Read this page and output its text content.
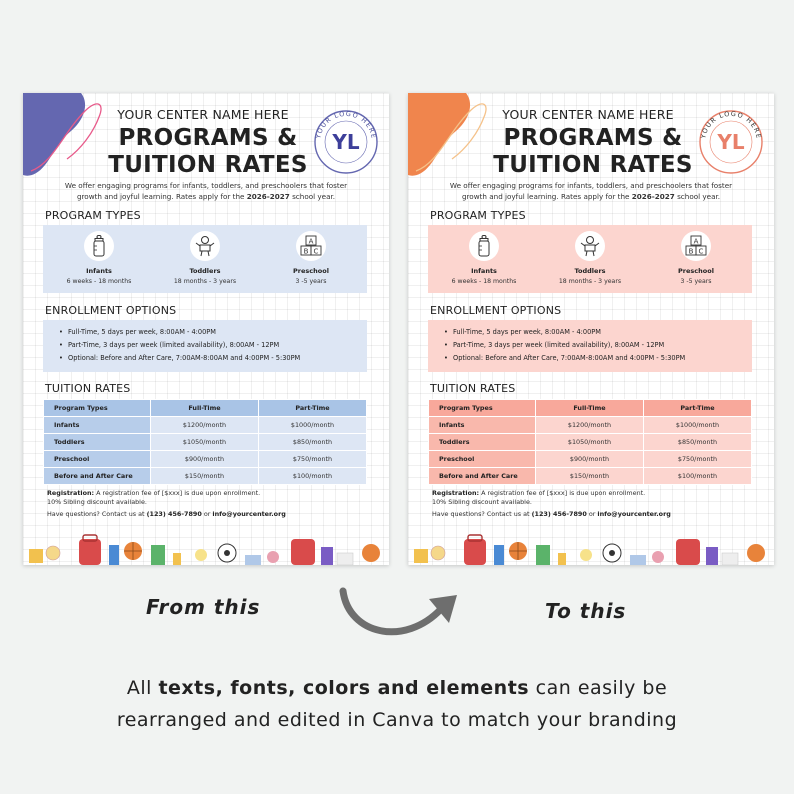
YOUR LOGO HERE
YL
YOUR CENTER NAME HERE
PROGRAMS &
TUITION RATES
We offer engaging programs for infants, toddlers, and preschoolers that foster
growth and joyful learning. Rates apply for the 2026-2027 school year.
PROGRAM TYPES
Infants
6 weeks - 18 months
Toddlers
18 months - 3 years
A
B C
Preschool
3 -5 years
ENROLLMENT OPTIONS
• Full-Time, 5 days per week, 8:00AM - 4:00PM
• Part-Time, 3 days per week (limited availability), 8:00AM - 12PM
• Optional: Before and After Care, 7:00AM-8:00AM and 4:00PM - 5:30PM
TUITION RATES
Program Types	Full-Time	Part-Time
Infants	$1200/month	$1000/month
Toddlers	$1050/month	$850/month
Preschool	$900/month	$750/month
Before and After Care	$150/month	$100/month
Registration: A registration fee of [$xxx] is due upon enrollment.
10% Sibling discount available.
Have questions? Contact us at (123) 456-7890 or info@yourcenter.org
YOUR LOGO HERE
YL
YOUR CENTER NAME HERE
PROGRAMS &
TUITION RATES
We offer engaging programs for infants, toddlers, and preschoolers that foster
growth and joyful learning. Rates apply for the 2026-2027 school year.
PROGRAM TYPES
Infants
6 weeks - 18 months
Toddlers
18 months - 3 years
A
B C
Preschool
3 -5 years
ENROLLMENT OPTIONS
• Full-Time, 5 days per week, 8:00AM - 4:00PM
• Part-Time, 3 days per week (limited availability), 8:00AM - 12PM
• Optional: Before and After Care, 7:00AM-8:00AM and 4:00PM - 5:30PM
TUITION RATES
Program Types	Full-Time	Part-Time
Infants	$1200/month	$1000/month
Toddlers	$1050/month	$850/month
Preschool	$900/month	$750/month
Before and After Care	$150/month	$100/month
Registration: A registration fee of [$xxx] is due upon enrollment.
10% Sibling discount available.
Have questions? Contact us at (123) 456-7890 or info@yourcenter.org
From this	To this
All texts, fonts, colors and elements can easily be
rearranged and edited in Canva to match your branding
